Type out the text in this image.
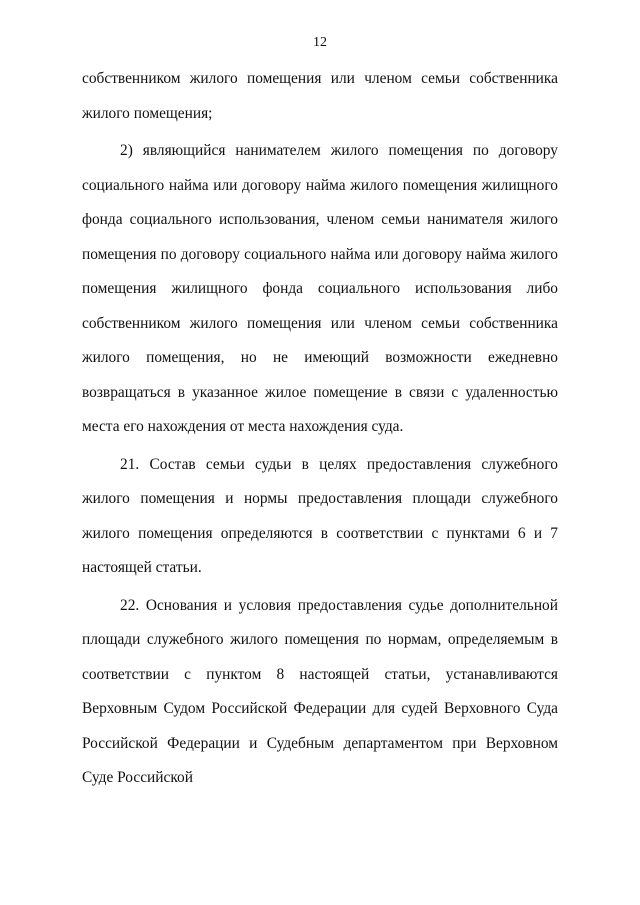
12

собственником жилого помещения или членом семьи собственника жилого помещения;

2) являющийся нанимателем жилого помещения по договору социального найма или договору найма жилого помещения жилищного фонда социального использования, членом семьи нанимателя жилого помещения по договору социального найма или договору найма жилого помещения жилищного фонда социального использования либо собственником жилого помещения или членом семьи собственника жилого помещения, но не имеющий возможности ежедневно возвращаться в указанное жилое помещение в связи с удаленностью места его нахождения от места нахождения суда.

21. Состав семьи судьи в целях предоставления служебного жилого помещения и нормы предоставления площади служебного жилого помещения определяются в соответствии с пунктами 6 и 7 настоящей статьи.

22. Основания и условия предоставления судье дополнительной площади служебного жилого помещения по нормам, определяемым в соответствии с пунктом 8 настоящей статьи, устанавливаются Верховным Судом Российской Федерации для судей Верховного Суда Российской Федерации и Судебным департаментом при Верховном Суде Российской
